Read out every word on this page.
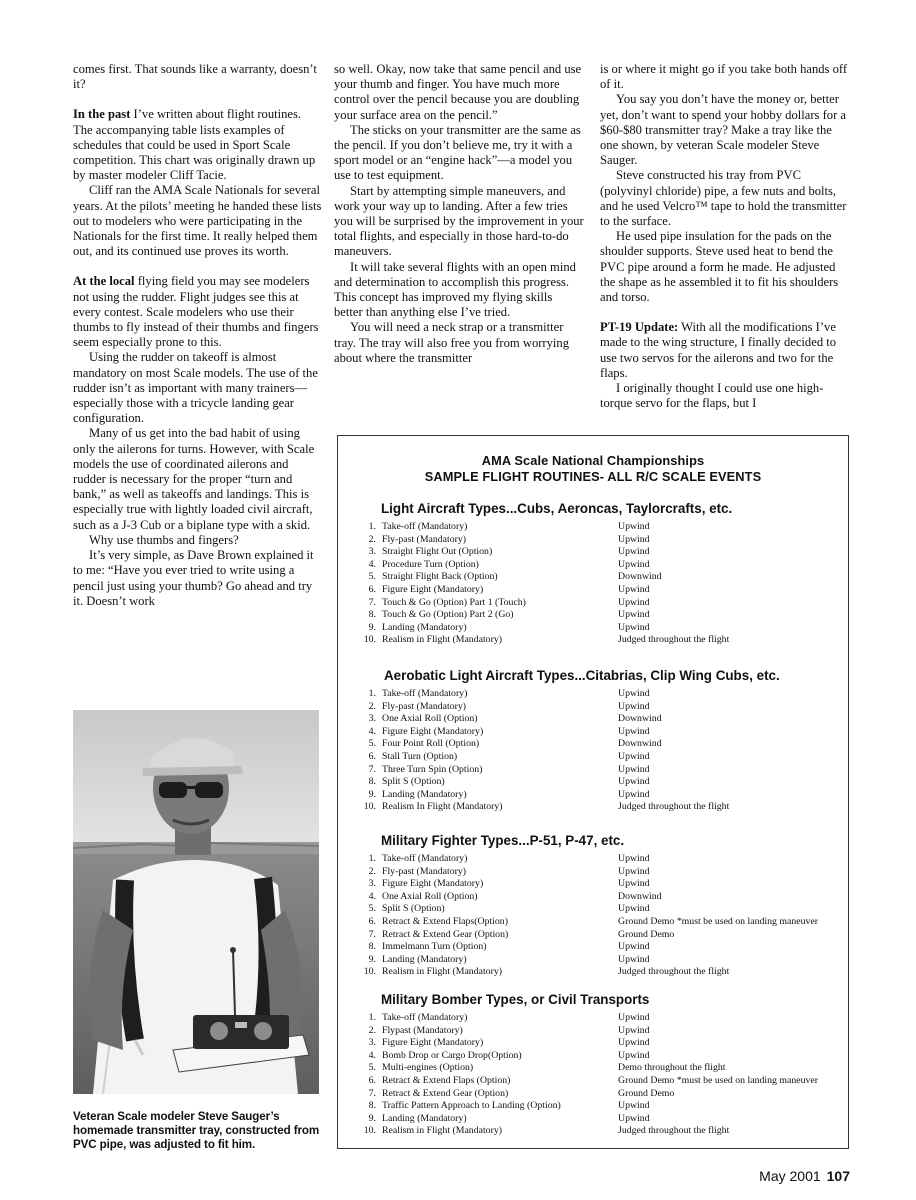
comes first. That sounds like a warranty, doesn’t it?

In the past I’ve written about flight routines. The accompanying table lists examples of schedules that could be used in Sport Scale competition. This chart was originally drawn up by master modeler Cliff Tacie.

Cliff ran the AMA Scale Nationals for several years. At the pilots’ meeting he handed these lists out to modelers who were participating in the Nationals for the first time. It really helped them out, and its continued use proves its worth.

At the local flying field you may see modelers not using the rudder. Flight judges see this at every contest. Scale modelers who use their thumbs to fly instead of their thumbs and fingers seem especially prone to this.

Using the rudder on takeoff is almost mandatory on most Scale models. The use of the rudder isn’t as important with many trainers—especially those with a tricycle landing gear configuration.

Many of us get into the bad habit of using only the ailerons for turns. However, with Scale models the use of coordinated ailerons and rudder is necessary for the proper “turn and bank,” as well as takeoffs and landings. This is especially true with lightly loaded civil aircraft, such as a J-3 Cub or a biplane type with a skid.

Why use thumbs and fingers?

It’s very simple, as Dave Brown explained it to me: “Have you ever tried to write using a pencil just using your thumb? Go ahead and try it. Doesn’t work

so well. Okay, now take that same pencil and use your thumb and finger. You have much more control over the pencil because you are doubling your surface area on the pencil.”

The sticks on your transmitter are the same as the pencil. If you don’t believe me, try it with a sport model or an “engine hack”—a model you use to test equipment.

Start by attempting simple maneuvers, and work your way up to landing. After a few tries you will be surprised by the improvement in your total flights, and especially in those hard-to-do maneuvers.

It will take several flights with an open mind and determination to accomplish this progress. This concept has improved my flying skills better than anything else I’ve tried.

You will need a neck strap or a transmitter tray. The tray will also free you from worrying about where the transmitter

is or where it might go if you take both hands off of it.

You say you don’t have the money or, better yet, don’t want to spend your hobby dollars for a $60-$80 transmitter tray? Make a tray like the one shown, by veteran Scale modeler Steve Sauger.

Steve constructed his tray from PVC (polyvinyl chloride) pipe, a few nuts and bolts, and he used Velcro™ tape to hold the transmitter to the surface.

He used pipe insulation for the pads on the shoulder supports. Steve used heat to bend the PVC pipe around a form he made. He adjusted the shape as he assembled it to fit his shoulders and torso.

PT-19 Update: With all the modifications I’ve made to the wing structure, I finally decided to use two servos for the ailerons and two for the flaps.

I originally thought I could use one high-torque servo for the flaps, but I

Veteran Scale modeler Steve Sauger’s homemade transmitter tray, constructed from PVC pipe, was adjusted to fit him.
AMA Scale National Championships
SAMPLE FLIGHT ROUTINES- ALL R/C SCALE EVENTS
Light Aircraft Types...Cubs, Aeroncas, Taylorcrafts, etc.
1. Take-off (Mandatory)	Upwind
2. Fly-past (Mandatory)	Upwind
3. Straight Flight Out (Option)	Upwind
4. Procedure Turn (Option)	Upwind
5. Straight Flight Back (Option)	Downwind
6. Figure Eight (Mandatory)	Upwind
7. Touch & Go (Option) Part 1 (Touch)	Upwind
8. Touch & Go (Option) Part 2 (Go)	Upwind
9. Landing (Mandatory)	Upwind
10. Realism in Flight (Mandatory)	Judged throughout the flight
Aerobatic Light Aircraft Types...Citabrias, Clip Wing Cubs, etc.
1. Take-off (Mandatory)	Upwind
2. Fly-past (Mandatory)	Upwind
3. One Axial Roll (Option)	Downwind
4. Figure Eight (Mandatory)	Upwind
5. Four Point Roll (Option)	Downwind
6. Stall Turn (Option)	Upwind
7. Three Turn Spin (Option)	Upwind
8. Split S (Option)	Upwind
9. Landing (Mandatory)	Upwind
10. Realism In Flight (Mandatory)	Judged throughout the flight
Military Fighter Types...P-51, P-47, etc.
1. Take-off (Mandatory)	Upwind
2. Fly-past (Mandatory)	Upwind
3. Figure Eight (Mandatory)	Upwind
4. One Axial Roll (Option)	Downwind
5. Split S (Option)	Upwind
6. Retract & Extend Flaps(Option)	Ground Demo *must be used on landing maneuver
7. Retract & Extend Gear (Option)	Ground Demo
8. Immelmann Turn (Option)	Upwind
9. Landing (Mandatory)	Upwind
10. Realism in Flight (Mandatory)	Judged throughout the flight
Military Bomber Types, or Civil Transports
1. Take-off (Mandatory)	Upwind
2. Flypast (Mandatory)	Upwind
3. Figure Eight (Mandatory)	Upwind
4. Bomb Drop or Cargo Drop(Option)	Upwind
5. Multi-engines (Option)	Demo throughout the flight
6. Retract & Extend Flaps (Option)	Ground Demo *must be used on landing maneuver
7. Retract & Extend Gear (Option)	Ground Demo
8. Traffic Pattern Approach to Landing (Option)	Upwind
9. Landing (Mandatory)	Upwind
10. Realism in Flight (Mandatory)	Judged throughout the flight
May 2001 107
